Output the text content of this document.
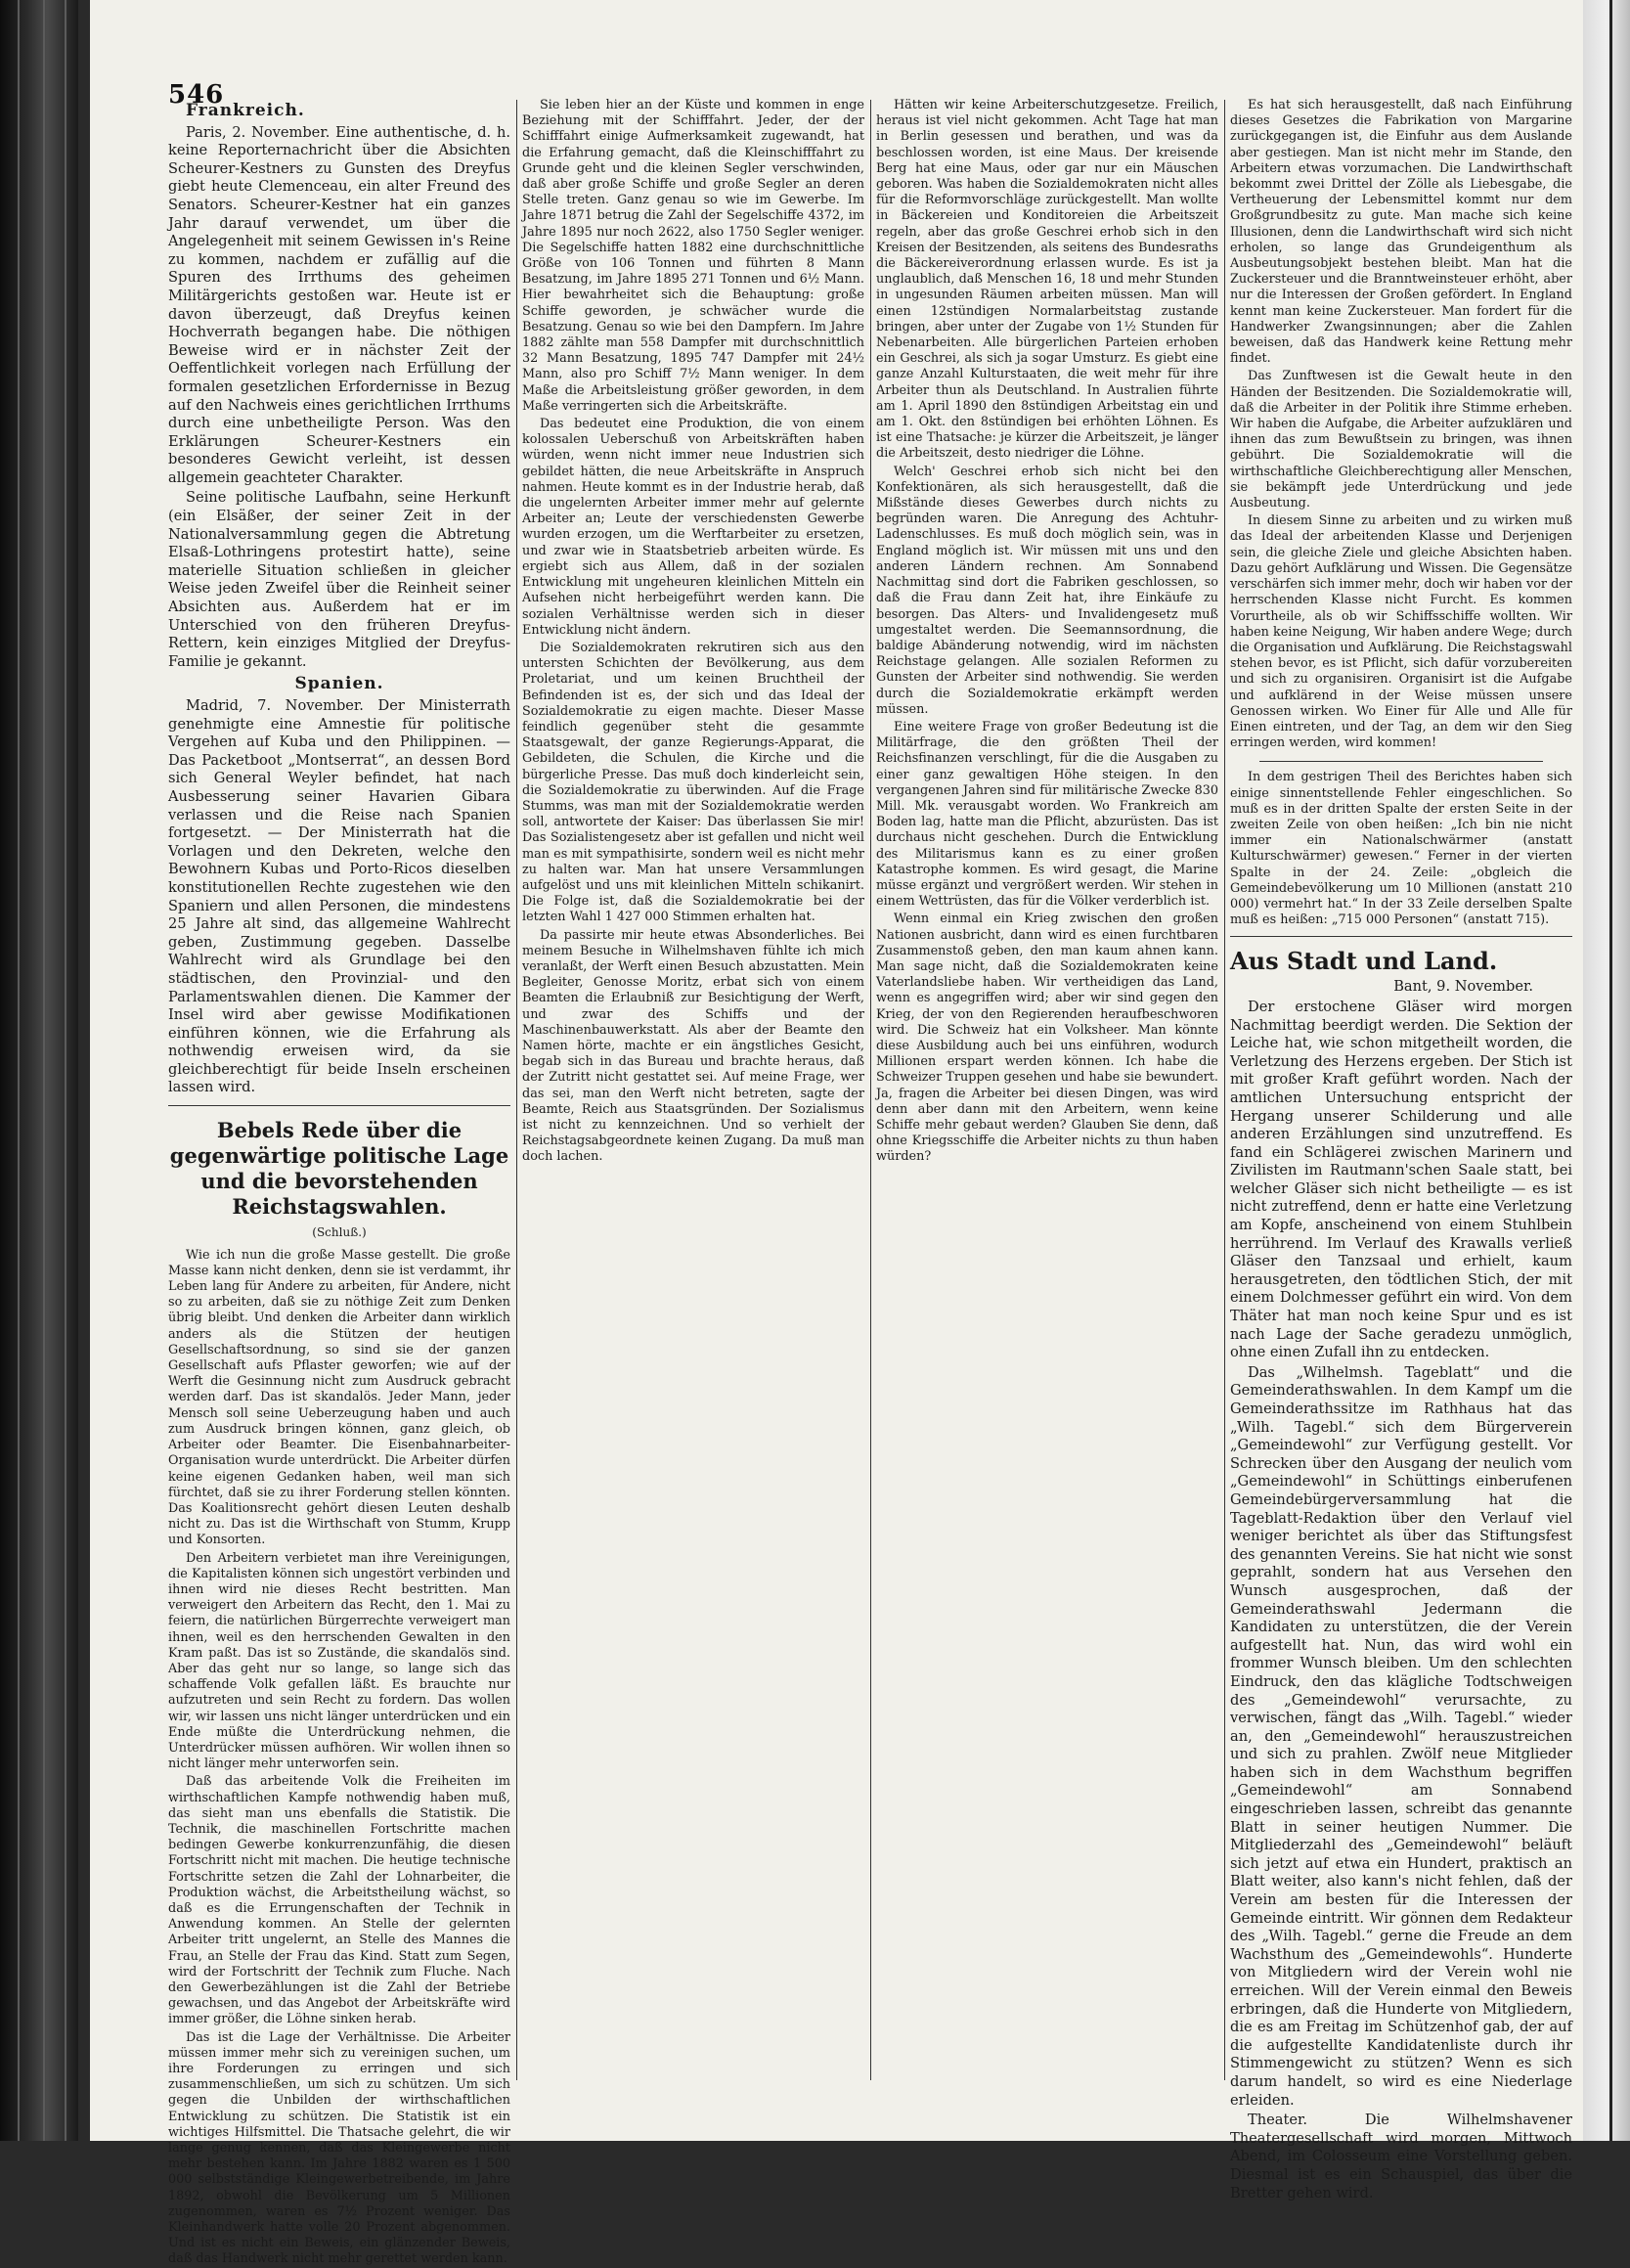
546
Frankreich.

Paris, 2. November. Eine authentische, d. h. keine Reporternachricht über die Absichten Scheurer-Kestners zu Gunsten des Dreyfus giebt heute Clemenceau, ein alter Freund des Senators. Scheurer-Kestner hat ein ganzes Jahr darauf verwendet, um über die Angelegenheit mit seinem Gewissen in's Reine zu kommen, nachdem er zufällig auf die Spuren des Irrthums des geheimen Militärgerichts gestoßen war. Heute ist er davon überzeugt, daß Dreyfus keinen Hochverrath begangen habe. Die nöthigen Beweise wird er in nächster Zeit der Oeffentlichkeit vorlegen nach Erfüllung der formalen gesetzlichen Erfordernisse in Bezug auf den Nachweis eines gerichtlichen Irrthums durch eine unbetheiligte Person. Was den Erklärungen Scheurer-Kestners ein besonderes Gewicht verleiht, ist dessen allgemein geachteter Charakter.

Seine politische Laufbahn, seine Herkunft (ein Elsäßer, der seiner Zeit in der Nationalversammlung gegen die Abtretung Elsaß-Lothringens protestirt hatte), seine materielle Situation schließen in gleicher Weise jeden Zweifel über die Reinheit seiner Absichten aus. Außerdem hat er im Unterschied von den früheren Dreyfus-Rettern, kein einziges Mitglied der Dreyfus-Familie je gekannt.

Spanien.

Madrid, 7. November. Der Ministerrath genehmigte eine Amnestie für politische Vergehen auf Kuba und den Philippinen. — Das Packetboot „Montserrat“, an dessen Bord sich General Weyler befindet, hat nach Ausbesserung seiner Havarien Gibara verlassen und die Reise nach Spanien fortgesetzt. — Der Ministerrath hat die Vorlagen und den Dekreten, welche den Bewohnern Kubas und Porto-Ricos dieselben konstitutionellen Rechte zugestehen wie den Spaniern und allen Personen, die mindestens 25 Jahre alt sind, das allgemeine Wahlrecht geben, Zustimmung gegeben. Dasselbe Wahlrecht wird als Grundlage bei den städtischen, den Provinzial- und den Parlamentswahlen dienen. Die Kammer der Insel wird aber gewisse Modifikationen einführen können, wie die Erfahrung als nothwendig erweisen wird, da sie gleichberechtigt für beide Inseln erscheinen lassen wird.

Bebels Rede über die gegenwärtige politische Lage und die bevorstehenden Reichstagswahlen.
(Schluß.)

Wie ich nun die große Masse gestellt. Die große Masse kann nicht denken, denn sie ist verdammt, ihr Leben lang für Andere zu arbeiten, für Andere, nicht so zu arbeiten, daß sie zu nöthige Zeit zum Denken übrig bleibt. Und denken die Arbeiter dann wirklich anders als die Stützen der heutigen Gesellschaftsordnung, so sind sie der ganzen Gesellschaft aufs Pflaster geworfen; wie auf der Werft die Gesinnung nicht zum Ausdruck gebracht werden darf. Das ist skandalös. Jeder Mann, jeder Mensch soll seine Ueberzeugung haben und auch zum Ausdruck bringen können, ganz gleich, ob Arbeiter oder Beamter. Die Eisenbahnarbeiter-Organisation wurde unterdrückt. Die Arbeiter dürfen keine eigenen Gedanken haben, weil man sich fürchtet, daß sie zu ihrer Forderung stellen könnten. Das Koalitionsrecht gehört diesen Leuten deshalb nicht zu. Das ist die Wirthschaft von Stumm, Krupp und Konsorten.

Den Arbeitern verbietet man ihre Vereinigungen, die Kapitalisten können sich ungestört verbinden und ihnen wird nie dieses Recht bestritten. Man verweigert den Arbeitern das Recht, den 1. Mai zu feiern, die natürlichen Bürgerrechte verweigert man ihnen, weil es den herrschenden Gewalten in den Kram paßt. Das ist so Zustände, die skandalös sind. Aber das geht nur so lange, so lange sich das schaffende Volk gefallen läßt. Es brauchte nur aufzutreten und sein Recht zu fordern. Das wollen wir, wir lassen uns nicht länger unterdrücken und ein Ende müßte die Unterdrückung nehmen, die Unterdrücker müssen aufhören. Wir wollen ihnen so nicht länger mehr unterworfen sein.

Daß das arbeitende Volk die Freiheiten im wirthschaftlichen Kampfe nothwendig haben muß, das sieht man uns ebenfalls die Statistik. Die Technik, die maschinellen Fortschritte machen bedingen Gewerbe konkurrenzunfähig, die diesen Fortschritt nicht mit machen. Die heutige technische Fortschritte setzen die Zahl der Lohnarbeiter, die Produktion wächst, die Arbeitstheilung wächst, so daß es die Errungenschaften der Technik in Anwendung kommen. An Stelle der gelernten Arbeiter tritt ungelernt, an Stelle des Mannes die Frau, an Stelle der Frau das Kind. Statt zum Segen, wird der Fortschritt der Technik zum Fluche. Nach den Gewerbezählungen ist die Zahl der Betriebe gewachsen, und das Angebot der Arbeitskräfte wird immer größer, die Löhne sinken herab.

Das ist die Lage der Verhältnisse. Die Arbeiter müssen immer mehr sich zu vereinigen suchen, um ihre Forderungen zu erringen und sich zusammenschließen, um sich zu schützen. Um sich gegen die Unbilden der wirthschaftlichen Entwicklung zu schützen. Die Statistik ist ein wichtiges Hilfsmittel. Die Thatsache gelehrt, die wir lange genug kennen, daß das Kleingewerbe nicht mehr bestehen kann. Im Jahre 1882 waren es 1 500 000 selbstständige Kleingewerbetreibende, im Jahre 1892, obwohl die Bevölkerung um 5 Millionen zugenommen, waren es 7½ Prozent weniger. Das Kleinhandwerk hatte volle 20 Prozent abgenommen. Und ist es nicht ein Beweis, ein glänzender Beweis, daß das Handwerk nicht mehr gerettet werden kann.

Sie leben hier an der Küste und kommen in enge Beziehung mit der Schifffahrt. Jeder, der der Schifffahrt einige Aufmerksamkeit zugewandt, hat die Erfahrung gemacht, daß die Kleinschifffahrt zu Grunde geht und die kleinen Segler verschwinden, daß aber große Schiffe und große Segler an deren Stelle treten. Ganz genau so wie im Gewerbe. Im Jahre 1871 betrug die Zahl der Segelschiffe 4372, im Jahre 1895 nur noch 2622, also 1750 Segler weniger. Die Segelschiffe hatten 1882 eine durchschnittliche Größe von 106 Tonnen und führten 8 Mann Besatzung, im Jahre 1895 271 Tonnen und 6½ Mann. Hier bewahrheitet sich die Behauptung: große Schiffe geworden, je schwächer wurde die Besatzung. Genau so wie bei den Dampfern. Im Jahre 1882 zählte man 558 Dampfer mit durchschnittlich 32 Mann Besatzung, 1895 747 Dampfer mit 24½ Mann, also pro Schiff 7½ Mann weniger. In dem Maße die Arbeitsleistung größer geworden, in dem Maße verringerten sich die Arbeitskräfte.

Das bedeutet eine Produktion, die von einem kolossalen Ueberschuß von Arbeitskräften haben würden, wenn nicht immer neue Industrien sich gebildet hätten, die neue Arbeitskräfte in Anspruch nahmen. Heute kommt es in der Industrie herab, daß die ungelernten Arbeiter immer mehr auf gelernte Arbeiter an; Leute der verschiedensten Gewerbe wurden erzogen, um die Werftarbeiter zu ersetzen, und zwar wie in Staatsbetrieb arbeiten würde. Es ergiebt sich aus Allem, daß in der sozialen Entwicklung mit ungeheuren kleinlichen Mitteln ein Aufsehen nicht herbeigeführt werden kann. Die sozialen Verhältnisse werden sich in dieser Entwicklung nicht ändern.

Die Sozialdemokraten rekrutiren sich aus den untersten Schichten der Bevölkerung, aus dem Proletariat, und um keinen Bruchtheil der Befindenden ist es, der sich und das Ideal der Sozialdemokratie zu eigen machte. Dieser Masse feindlich gegenüber steht die gesammte Staatsgewalt, der ganze Regierungs-Apparat, die Gebildeten, die Schulen, die Kirche und die bürgerliche Presse. Das muß doch kinderleicht sein, die Sozialdemokratie zu überwinden. Auf die Frage Stumms, was man mit der Sozialdemokratie werden soll, antwortete der Kaiser: Das überlassen Sie mir! Das Sozialistengesetz aber ist gefallen und nicht weil man es mit sympathisirte, sondern weil es nicht mehr zu halten war. Man hat unsere Versammlungen aufgelöst und uns mit kleinlichen Mitteln schikanirt. Die Folge ist, daß die Sozialdemokratie bei der letzten Wahl 1 427 000 Stimmen erhalten hat.

Da passirte mir heute etwas Absonderliches. Bei meinem Besuche in Wilhelmshaven fühlte ich mich veranlaßt, der Werft einen Besuch abzustatten. Mein Begleiter, Genosse Moritz, erbat sich von einem Beamten die Erlaubniß zur Besichtigung der Werft, und zwar des Schiffs und der Maschinenbauwerkstatt. Als aber der Beamte den Namen hörte, machte er ein ängstliches Gesicht, begab sich in das Bureau und brachte heraus, daß der Zutritt nicht gestattet sei. Auf meine Frage, wer das sei, man den Werft nicht betreten, sagte der Beamte, Reich aus Staatsgründen. Der Sozialismus ist nicht zu kennzeichnen. Und so verhielt der Reichstagsabgeordnete keinen Zugang. Da muß man doch lachen.

Hätten wir keine Arbeiterschutzgesetze. Freilich, heraus ist viel nicht gekommen. Acht Tage hat man in Berlin gesessen und berathen, und was da beschlossen worden, ist eine Maus. Der kreisende Berg hat eine Maus, oder gar nur ein Mäuschen geboren. Was haben die Sozialdemokraten nicht alles für die Reformvorschläge zurückgestellt. Man wollte in Bäckereien und Konditoreien die Arbeitszeit regeln, aber das große Geschrei erhob sich in den Kreisen der Besitzenden, als seitens des Bundesraths die Bäckereiverordnung erlassen wurde. Es ist ja unglaublich, daß Menschen 16, 18 und mehr Stunden in ungesunden Räumen arbeiten müssen. Man will einen 12stündigen Normalarbeitstag zustande bringen, aber unter der Zugabe von 1½ Stunden für Nebenarbeiten. Alle bürgerlichen Parteien erhoben ein Geschrei, als sich ja sogar Umsturz. Es giebt eine ganze Anzahl Kulturstaaten, die weit mehr für ihre Arbeiter thun als Deutschland. In Australien führte am 1. April 1890 den 8stündigen Arbeitstag ein und am 1. Okt. den 8stündigen bei erhöhten Löhnen. Es ist eine Thatsache: je kürzer die Arbeitszeit, je länger die Arbeitszeit, desto niedriger die Löhne.

Welch' Geschrei erhob sich nicht bei den Konfektionären, als sich herausgestellt, daß die Mißstände dieses Gewerbes durch nichts zu begründen waren. Die Anregung des Achtuhr-Ladenschlusses. Es muß doch möglich sein, was in England möglich ist. Wir müssen mit uns und den anderen Ländern rechnen. Am Sonnabend Nachmittag sind dort die Fabriken geschlossen, so daß die Frau dann Zeit hat, ihre Einkäufe zu besorgen. Das Alters- und Invalidengesetz muß umgestaltet werden. Die Seemannsordnung, die baldige Abänderung notwendig, wird im nächsten Reichstage gelangen. Alle sozialen Reformen zu Gunsten der Arbeiter sind nothwendig. Sie werden durch die Sozialdemokratie erkämpft werden müssen.

Eine weitere Frage von großer Bedeutung ist die Militärfrage, die den größten Theil der Reichsfinanzen verschlingt, für die die Ausgaben zu einer ganz gewaltigen Höhe steigen. In den vergangenen Jahren sind für militärische Zwecke 830 Mill. Mk. verausgabt worden. Wo Frankreich am Boden lag, hatte man die Pflicht, abzurüsten. Das ist durchaus nicht geschehen. Durch die Entwicklung des Militarismus kann es zu einer großen Katastrophe kommen. Es wird gesagt, die Marine müsse ergänzt und vergrößert werden. Wir stehen in einem Wettrüsten, das für die Völker verderblich ist.

Wenn einmal ein Krieg zwischen den großen Nationen ausbricht, dann wird es einen furchtbaren Zusammenstoß geben, den man kaum ahnen kann. Man sage nicht, daß die Sozialdemokraten keine Vaterlandsliebe haben. Wir vertheidigen das Land, wenn es angegriffen wird; aber wir sind gegen den Krieg, der von den Regierenden heraufbeschworen wird. Die Schweiz hat ein Volksheer. Man könnte diese Ausbildung auch bei uns einführen, wodurch Millionen erspart werden können. Ich habe die Schweizer Truppen gesehen und habe sie bewundert. Ja, fragen die Arbeiter bei diesen Dingen, was wird denn aber dann mit den Arbeitern, wenn keine Schiffe mehr gebaut werden? Glauben Sie denn, daß ohne Kriegsschiffe die Arbeiter nichts zu thun haben würden?

Es hat sich herausgestellt, daß nach Einführung dieses Gesetzes die Fabrikation von Margarine zurückgegangen ist, die Einfuhr aus dem Auslande aber gestiegen. Man ist nicht mehr im Stande, den Arbeitern etwas vorzumachen. Die Landwirthschaft bekommt zwei Drittel der Zölle als Liebesgabe, die Vertheuerung der Lebensmittel kommt nur dem Großgrundbesitz zu gute. Man mache sich keine Illusionen, denn die Landwirthschaft wird sich nicht erholen, so lange das Grundeigenthum als Ausbeutungsobjekt bestehen bleibt. Man hat die Zuckersteuer und die Branntweinsteuer erhöht, aber nur die Interessen der Großen gefördert. In England kennt man keine Zuckersteuer. Man fordert für die Handwerker Zwangsinnungen; aber die Zahlen beweisen, daß das Handwerk keine Rettung mehr findet.

Das Zunftwesen ist die Gewalt heute in den Händen der Besitzenden. Die Sozialdemokratie will, daß die Arbeiter in der Politik ihre Stimme erheben. Wir haben die Aufgabe, die Arbeiter aufzuklären und ihnen das zum Bewußtsein zu bringen, was ihnen gebührt. Die Sozialdemokratie will die wirthschaftliche Gleichberechtigung aller Menschen, sie bekämpft jede Unterdrückung und jede Ausbeutung.

In diesem Sinne zu arbeiten und zu wirken muß das Ideal der arbeitenden Klasse und Derjenigen sein, die gleiche Ziele und gleiche Absichten haben. Dazu gehört Aufklärung und Wissen. Die Gegensätze verschärfen sich immer mehr, doch wir haben vor der herrschenden Klasse nicht Furcht. Es kommen Vorurtheile, als ob wir Schiffsschiffe wollten. Wir haben keine Neigung, Wir haben andere Wege; durch die Organisation und Aufklärung. Die Reichstagswahl stehen bevor, es ist Pflicht, sich dafür vorzubereiten und sich zu organisiren. Organisirt ist die Aufgabe und aufklärend in der Weise müssen unsere Genossen wirken. Wo Einer für Alle und Alle für Einen eintreten, und der Tag, an dem wir den Sieg erringen werden, wird kommen!

In dem gestrigen Theil des Berichtes haben sich einige sinnentstellende Fehler eingeschlichen. So muß es in der dritten Spalte der ersten Seite in der zweiten Zeile von oben heißen: „Ich bin nie nicht immer ein Nationalschwärmer (anstatt Kulturschwärmer) gewesen.“ Ferner in der vierten Spalte in der 24. Zeile: „obgleich die Gemeindebevölkerung um 10 Millionen (anstatt 210 000) vermehrt hat.“ In der 33 Zeile derselben Spalte muß es heißen: „715 000 Personen“ (anstatt 715).

Aus Stadt und Land.

Bant, 9. November.

Der erstochene Gläser wird morgen Nachmittag beerdigt werden. Die Sektion der Leiche hat, wie schon mitgetheilt worden, die Verletzung des Herzens ergeben. Der Stich ist mit großer Kraft geführt worden. Nach der amtlichen Untersuchung entspricht der Hergang unserer Schilderung und alle anderen Erzählungen sind unzutreffend. Es fand ein Schlägerei zwischen Marinern und Zivilisten im Rautmann'schen Saale statt, bei welcher Gläser sich nicht betheiligte — es ist nicht zutreffend, denn er hatte eine Verletzung am Kopfe, anscheinend von einem Stuhlbein herrührend. Im Verlauf des Krawalls verließ Gläser den Tanzsaal und erhielt, kaum herausgetreten, den tödtlichen Stich, der mit einem Dolchmesser geführt ein wird. Von dem Thäter hat man noch keine Spur und es ist nach Lage der Sache geradezu unmöglich, ohne einen Zufall ihn zu entdecken.

Das „Wilhelmsh. Tageblatt“ und die Gemeinderathswahlen. In dem Kampf um die Gemeinderathssitze im Rathhaus hat das „Wilh. Tagebl.“ sich dem Bürgerverein „Gemeindewohl“ zur Verfügung gestellt. Vor Schrecken über den Ausgang der neulich vom „Gemeindewohl“ in Schüttings einberufenen Gemeindebürgerversammlung hat die Tageblatt-Redaktion über den Verlauf viel weniger berichtet als über das Stiftungsfest des genannten Vereins. Sie hat nicht wie sonst geprahlt, sondern hat aus Versehen den Wunsch ausgesprochen, daß der Gemeinderathswahl Jedermann die Kandidaten zu unterstützen, die der Verein aufgestellt hat. Nun, das wird wohl ein frommer Wunsch bleiben. Um den schlechten Eindruck, den das klägliche Todtschweigen des „Gemeindewohl“ verursachte, zu verwischen, fängt das „Wilh. Tagebl.“ wieder an, den „Gemeindewohl“ herauszustreichen und sich zu prahlen. Zwölf neue Mitglieder haben sich in dem Wachsthum begriffen „Gemeindewohl“ am Sonnabend eingeschrieben lassen, schreibt das genannte Blatt in seiner heutigen Nummer. Die Mitgliederzahl des „Gemeindewohl“ beläuft sich jetzt auf etwa ein Hundert, praktisch an Blatt weiter, also kann's nicht fehlen, daß der Verein am besten für die Interessen der Gemeinde eintritt. Wir gönnen dem Redakteur des „Wilh. Tagebl.“ gerne die Freude an dem Wachsthum des „Gemeindewohls“. Hunderte von Mitgliedern wird der Verein wohl nie erreichen. Will der Verein einmal den Beweis erbringen, daß die Hunderte von Mitgliedern, die es am Freitag im Schützenhof gab, der auf die aufgestellte Kandidatenliste durch ihr Stimmengewicht zu stützen? Wenn es sich darum handelt, so wird es eine Niederlage erleiden.

Theater. Die Wilhelmshavener Theatergesellschaft wird morgen, Mittwoch Abend, im Colosseum eine Vorstellung geben. Diesmal ist es ein Schauspiel, das über die Bretter gehen wird.
